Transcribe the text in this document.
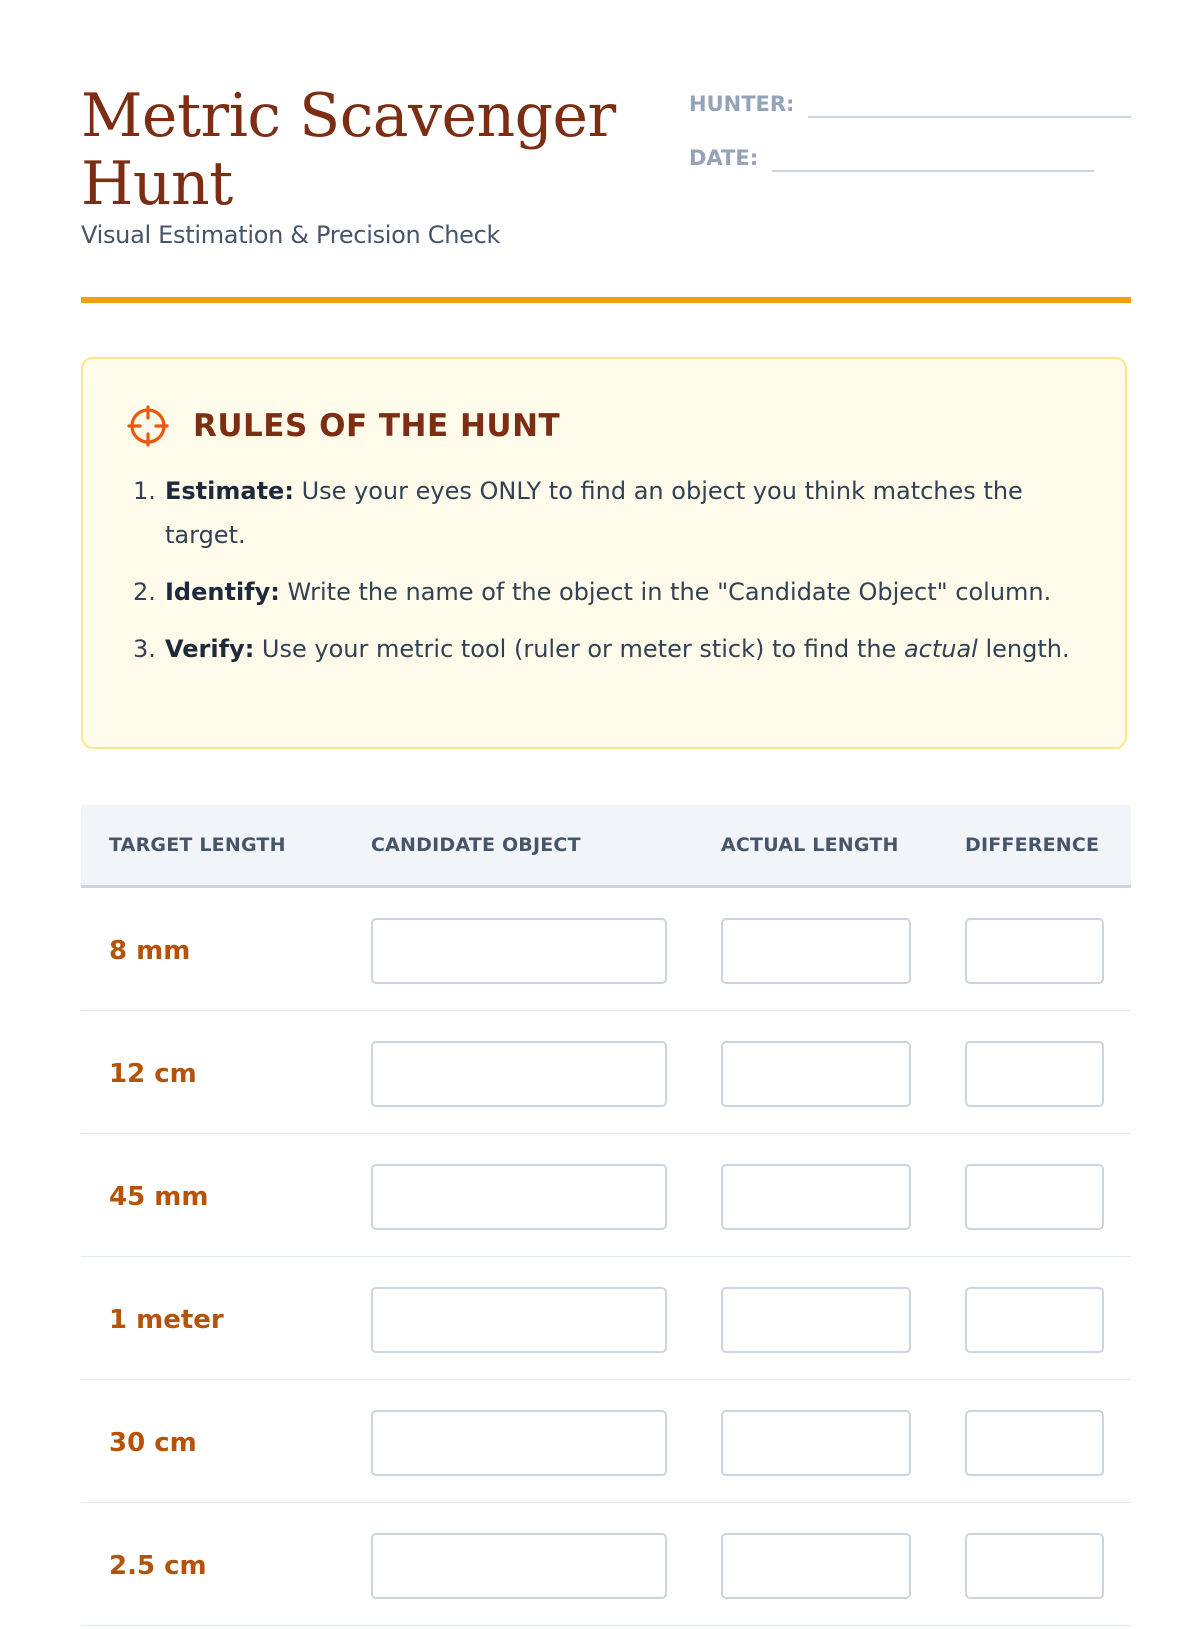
Metric Scavenger Hunt

Visual Estimation & Precision Check

HUNTER:
DATE:
RULES OF THE HUNT
1. Estimate: Use your eyes ONLY to find an object you think matches the target.
2. Identify: Write the name of the object in the "Candidate Object" column.
3. Verify: Use your metric tool (ruler or meter stick) to find the actual length.
TARGET LENGTH	CANDIDATE OBJECT	ACTUAL LENGTH	DIFFERENCE
8 mm
12 cm
45 mm
1 meter
30 cm
2.5 cm
